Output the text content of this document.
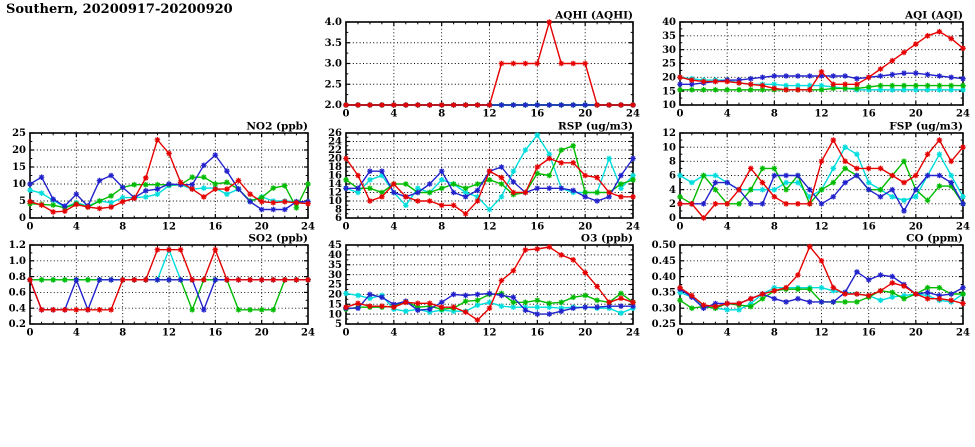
Southern, 20200917-20200920
2.0
2.5
3.0
3.5
4.0
0	4	8	12	16	20	24
AQHI (AQHI)
10
15
20
25
30
35
40
0	4	8	12	16	20	24
AQI (AQI)
0
5
10
15
20
25
0	4	8	12	16	20	24
NO2 (ppb)
6
8
10
12
14
16
18
20
22
24
26
0	4	8	12	16	20	24
RSP (ug/m3)
0
2
4
6
8
10
12
0	4	8	12	16	20	24
FSP (ug/m3)
0.2
0.4
0.6
0.8
1.0
1.2
0	4	8	12	16	20	24
SO2 (ppb)
5
10
15
20
25
30
35
40
45
0	4	8	12	16	20	24
O3 (ppb)
0.25
0.30
0.35
0.40
0.45
0.50
0	4	8	12	16	20	24
CO (ppm)
